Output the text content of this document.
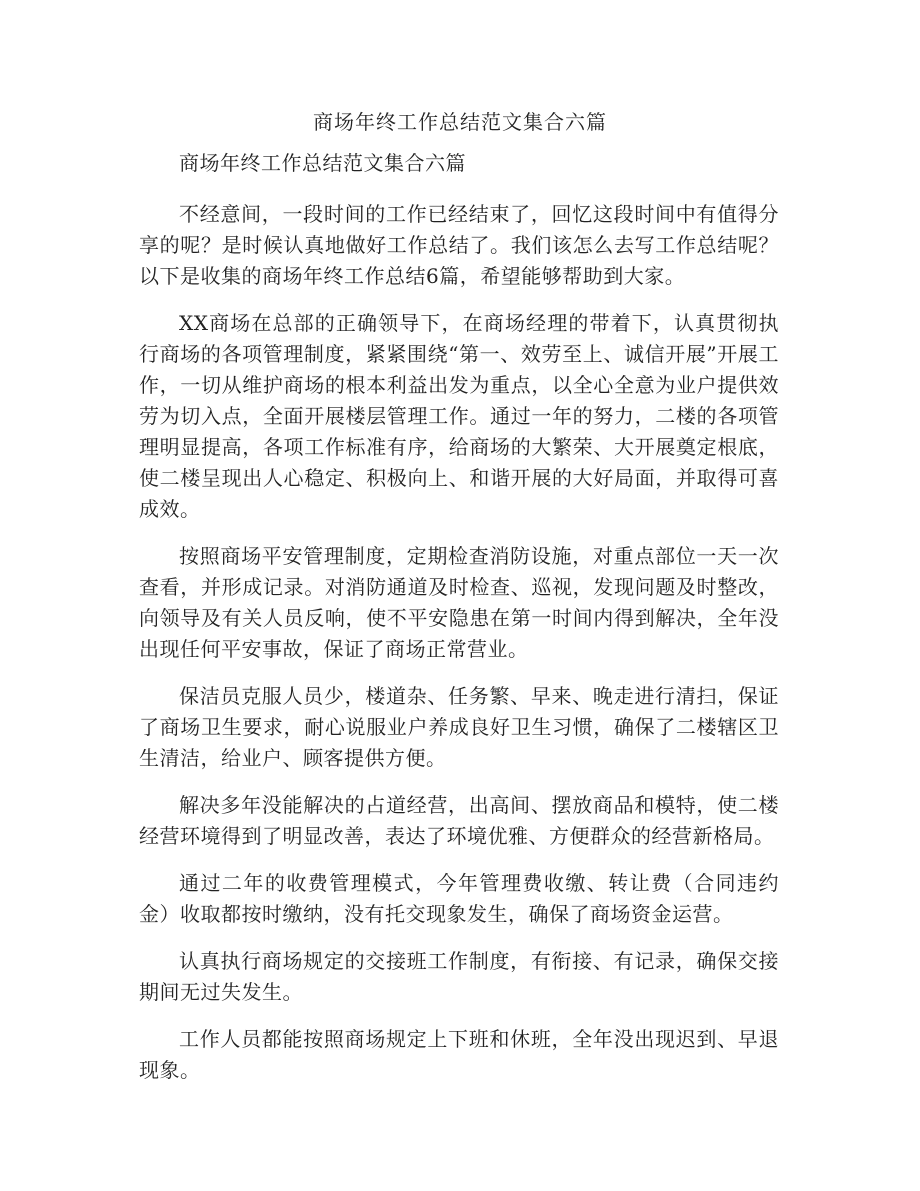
商场年终工作总结范文集合六篇

商场年终工作总结范文集合六篇

不经意间，一段时间的工作已经结束了，回忆这段时间中有值得分享的呢？是时候认真地做好工作总结了。我们该怎么去写工作总结呢？以下是收集的商场年终工作总结6篇，希望能够帮助到大家。

XX商场在总部的正确领导下，在商场经理的带着下，认真贯彻执行商场的各项管理制度，紧紧围绕“第一、效劳至上、诚信开展”开展工作，一切从维护商场的根本利益出发为重点，以全心全意为业户提供效劳为切入点，全面开展楼层管理工作。通过一年的努力，二楼的各项管理明显提高，各项工作标准有序，给商场的大繁荣、大开展奠定根底，使二楼呈现出人心稳定、积极向上、和谐开展的大好局面，并取得可喜成效。

按照商场平安管理制度，定期检查消防设施，对重点部位一天一次查看，并形成记录。对消防通道及时检查、巡视，发现问题及时整改，向领导及有关人员反响，使不平安隐患在第一时间内得到解决，全年没出现任何平安事故，保证了商场正常营业。

保洁员克服人员少，楼道杂、任务繁、早来、晚走进行清扫，保证了商场卫生要求，耐心说服业户养成良好卫生习惯，确保了二楼辖区卫生清洁，给业户、顾客提供方便。

解决多年没能解决的占道经营，出高间、摆放商品和模特，使二楼经营环境得到了明显改善，表达了环境优雅、方便群众的经营新格局。

通过二年的收费管理模式，今年管理费收缴、转让费（合同违约金）收取都按时缴纳，没有托交现象发生，确保了商场资金运营。

认真执行商场规定的交接班工作制度，有衔接、有记录，确保交接期间无过失发生。

工作人员都能按照商场规定上下班和休班，全年没出现迟到、早退现象。
